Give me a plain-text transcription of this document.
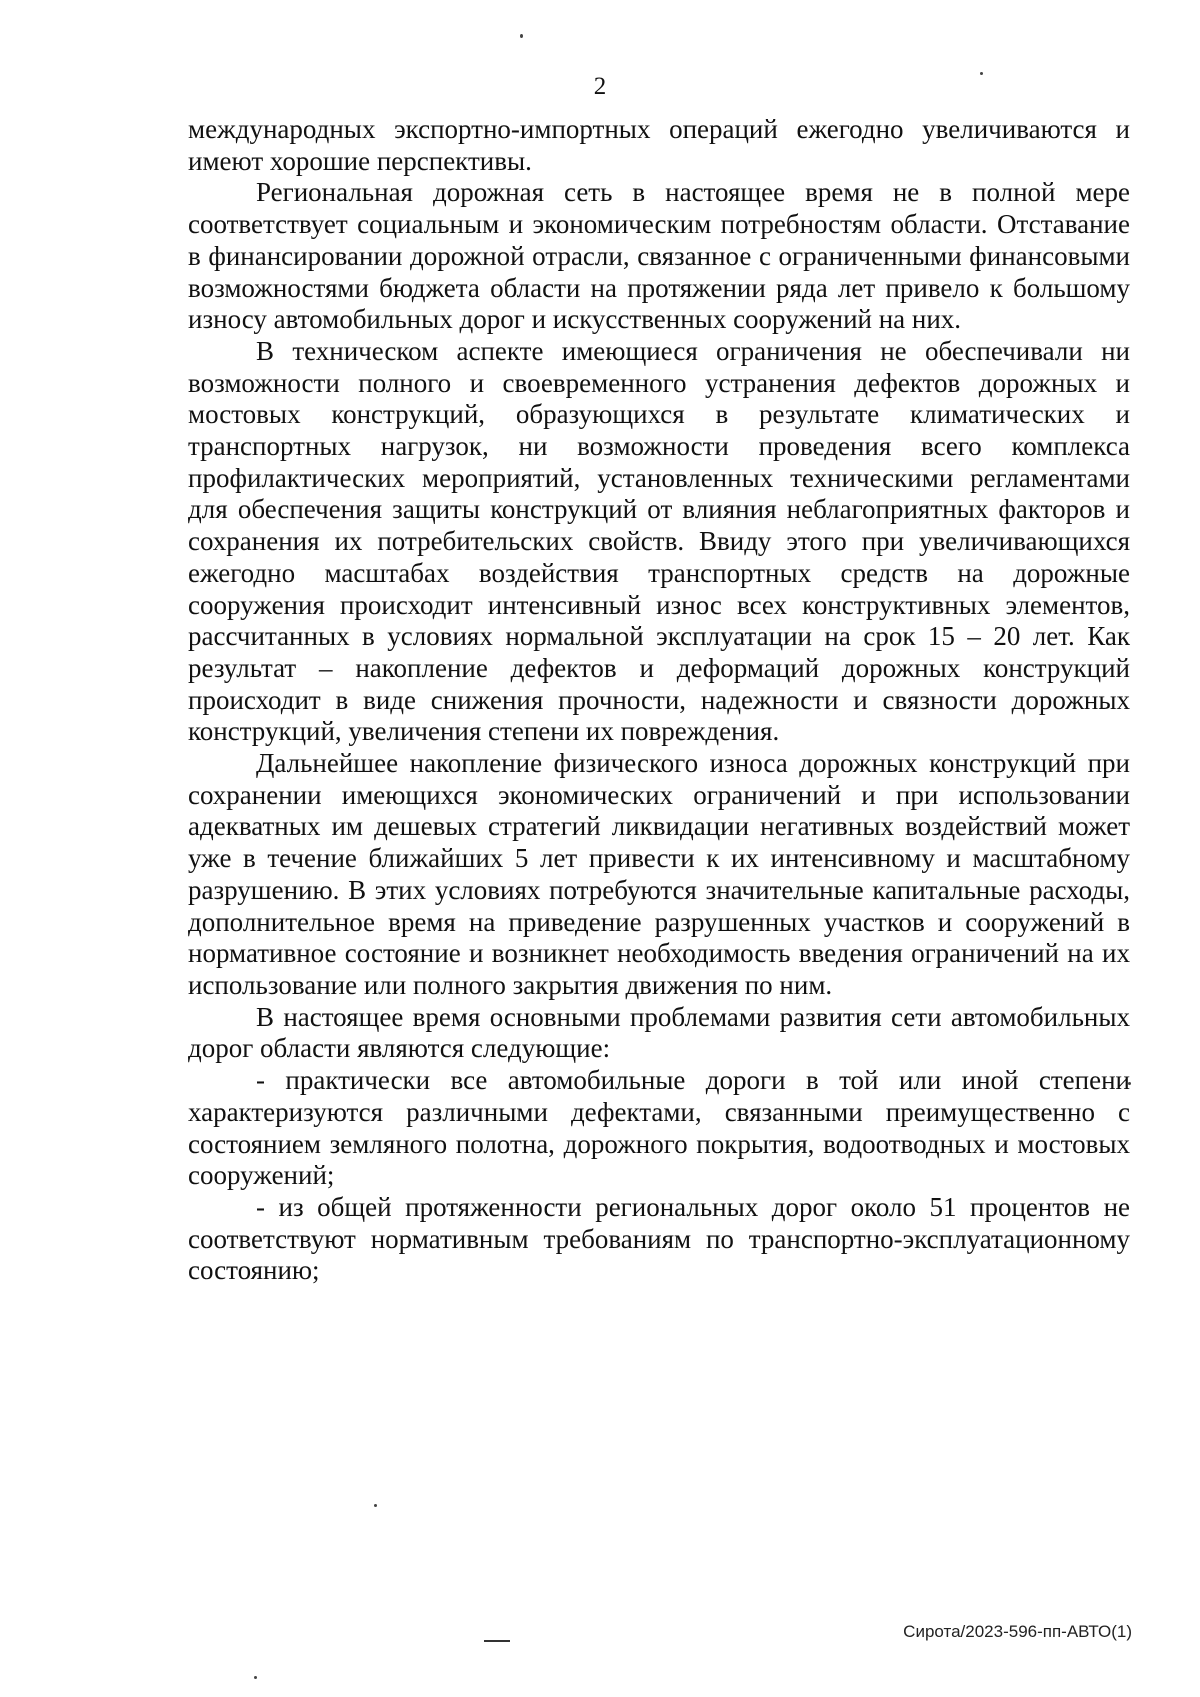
2

международных экспортно-импортных операций ежегодно увеличиваются и имеют хорошие перспективы.

Региональная дорожная сеть в настоящее время не в полной мере соответствует социальным и экономическим потребностям области. Отставание в финансировании дорожной отрасли, связанное с ограниченными финансовыми возможностями бюджета области на протяжении ряда лет привело к большому износу автомобильных дорог и искусственных сооружений на них.

В техническом аспекте имеющиеся ограничения не обеспечивали ни возможности полного и своевременного устранения дефектов дорожных и мостовых конструкций, образующихся в результате климатических и транспортных нагрузок, ни возможности проведения всего комплекса профилактических мероприятий, установленных техническими регламентами для обеспечения защиты конструкций от влияния неблагоприятных факторов и сохранения их потребительских свойств. Ввиду этого при увеличивающихся ежегодно масштабах воздействия транспортных средств на дорожные сооружения происходит интенсивный износ всех конструктивных элементов, рассчитанных в условиях нормальной эксплуатации на срок 15 – 20 лет. Как результат – накопление дефектов и деформаций дорожных конструкций происходит в виде снижения прочности, надежности и связности дорожных конструкций, увеличения степени их повреждения.

Дальнейшее накопление физического износа дорожных конструкций при сохранении имеющихся экономических ограничений и при использовании адекватных им дешевых стратегий ликвидации негативных воздействий может уже в течение ближайших 5 лет привести к их интенсивному и масштабному разрушению. В этих условиях потребуются значительные капитальные расходы, дополнительное время на приведение разрушенных участков и сооружений в нормативное состояние и возникнет необходимость введения ограничений на их использование или полного закрытия движения по ним.

В настоящее время основными проблемами развития сети автомобильных дорог области являются следующие:

- практически все автомобильные дороги в той или иной степени характеризуются различными дефектами, связанными преимущественно с состоянием земляного полотна, дорожного покрытия, водоотводных и мостовых сооружений;

- из общей протяженности региональных дорог около 51 процентов не соответствуют нормативным требованиям по транспортно-эксплуатационному состоянию;

Сирота/2023-596-пп-АВТО(1)
